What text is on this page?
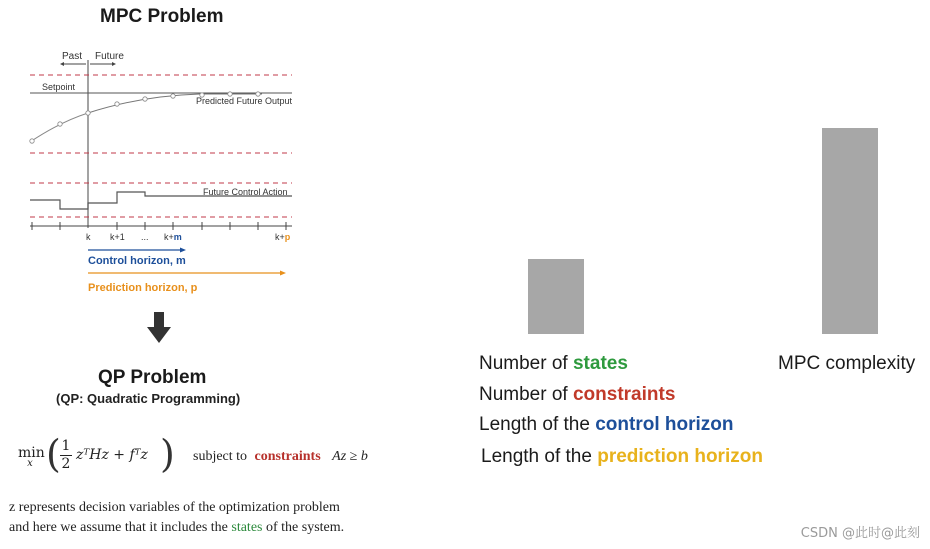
MPC Problem
Past Future
Setpoint
Predicted Future Output
Future Control Action
k k+1 ... k+m	k+p
Control horizon, m
Prediction horizon, p
QP Problem
(QP: Quadratic Programming)
min
x ( 1
2
zᵀHz + fᵀz ) subject to constraints Az ≥ b
z represents decision variables of the optimization problem
and here we assume that it includes the states of the system.
Number of states
Number of constraints
Length of the control horizon
Length of the prediction horizon
MPC complexity
CSDN @此时@此刻
